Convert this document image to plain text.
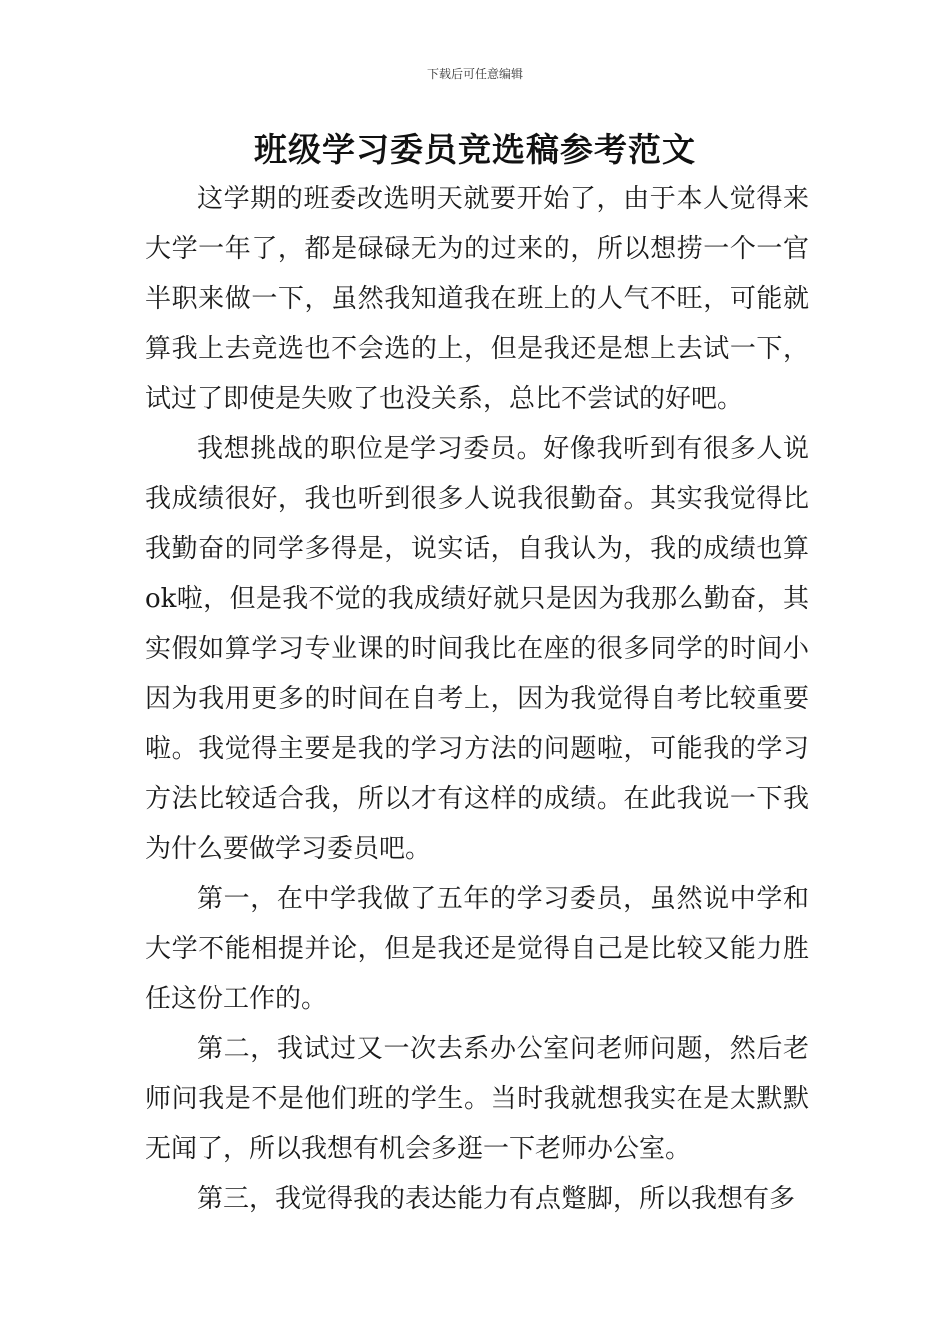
下载后可任意编辑
班级学习委员竞选稿参考范文

这学期的班委改选明天就要开始了，由于本人觉得来大学一年了，都是碌碌无为的过来的，所以想捞一个一官半职来做一下，虽然我知道我在班上的人气不旺，可能就算我上去竞选也不会选的上，但是我还是想上去试一下，试过了即使是失败了也没关系，总比不尝试的好吧。

我想挑战的职位是学习委员。好像我听到有很多人说我成绩很好，我也听到很多人说我很勤奋。其实我觉得比我勤奋的同学多得是，说实话，自我认为，我的成绩也算ok啦，但是我不觉的我成绩好就只是因为我那么勤奋，其实假如算学习专业课的时间我比在座的很多同学的时间小因为我用更多的时间在自考上，因为我觉得自考比较重要啦。我觉得主要是我的学习方法的问题啦，可能我的学习方法比较适合我，所以才有这样的成绩。在此我说一下我为什么要做学习委员吧。

第一，在中学我做了五年的学习委员，虽然说中学和大学不能相提并论，但是我还是觉得自己是比较又能力胜任这份工作的。

第二，我试过又一次去系办公室问老师问题，然后老师问我是不是他们班的学生。当时我就想我实在是太默默无闻了，所以我想有机会多逛一下老师办公室。

第三，我觉得我的表达能力有点蹩脚，所以我想有多
